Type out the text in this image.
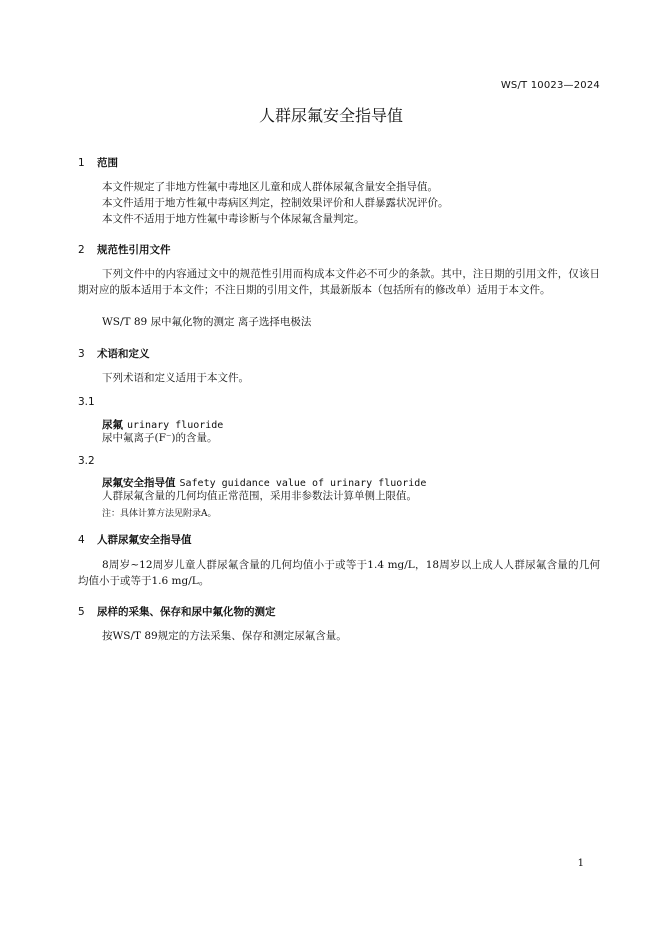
WS/T 10023—2024
人群尿氟安全指导值
1 范围

本文件规定了非地方性氟中毒地区儿童和成人群体尿氟含量安全指导值。

本文件适用于地方性氟中毒病区判定，控制效果评价和人群暴露状况评价。

本文件不适用于地方性氟中毒诊断与个体尿氟含量判定。

2 规范性引用文件

下列文件中的内容通过文中的规范性引用而构成本文件必不可少的条款。其中，注日期的引用文件，仅该日期对应的版本适用于本文件；不注日期的引用文件，其最新版本（包括所有的修改单）适用于本文件。

WS/T 89 尿中氟化物的测定 离子选择电极法

3 术语和定义

下列术语和定义适用于本文件。

3.1

尿氟 urinary fluoride

尿中氟离子(F⁻)的含量。

3.2

尿氟安全指导值 Safety guidance value of urinary fluoride

人群尿氟含量的几何均值正常范围，采用非参数法计算单侧上限值。

注：具体计算方法见附录A。

4 人群尿氟安全指导值

8周岁~12周岁儿童人群尿氟含量的几何均值小于或等于1.4 mg/L，18周岁以上成人人群尿氟含量的几何均值小于或等于1.6 mg/L。

5 尿样的采集、保存和尿中氟化物的测定

按WS/T 89规定的方法采集、保存和测定尿氟含量。

1
